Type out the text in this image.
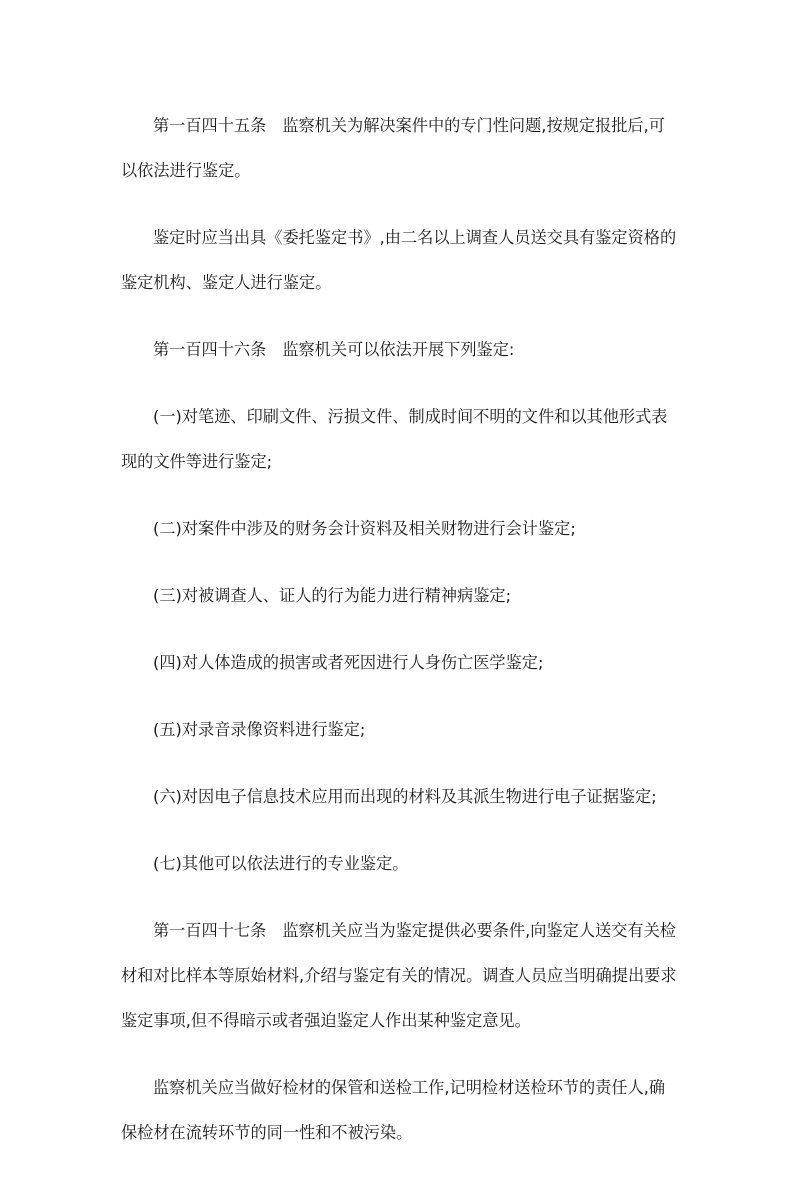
第一百四十五条 监察机关为解决案件中的专门性问题,按规定报批后,可以依法进行鉴定。

鉴定时应当出具《委托鉴定书》,由二名以上调查人员送交具有鉴定资格的鉴定机构、鉴定人进行鉴定。

第一百四十六条 监察机关可以依法开展下列鉴定:

(一)对笔迹、印刷文件、污损文件、制成时间不明的文件和以其他形式表现的文件等进行鉴定;

(二)对案件中涉及的财务会计资料及相关财物进行会计鉴定;

(三)对被调查人、证人的行为能力进行精神病鉴定;

(四)对人体造成的损害或者死因进行人身伤亡医学鉴定;

(五)对录音录像资料进行鉴定;

(六)对因电子信息技术应用而出现的材料及其派生物进行电子证据鉴定;

(七)其他可以依法进行的专业鉴定。

第一百四十七条 监察机关应当为鉴定提供必要条件,向鉴定人送交有关检材和对比样本等原始材料,介绍与鉴定有关的情况。调查人员应当明确提出要求鉴定事项,但不得暗示或者强迫鉴定人作出某种鉴定意见。

监察机关应当做好检材的保管和送检工作,记明检材送检环节的责任人,确保检材在流转环节的同一性和不被污染。
